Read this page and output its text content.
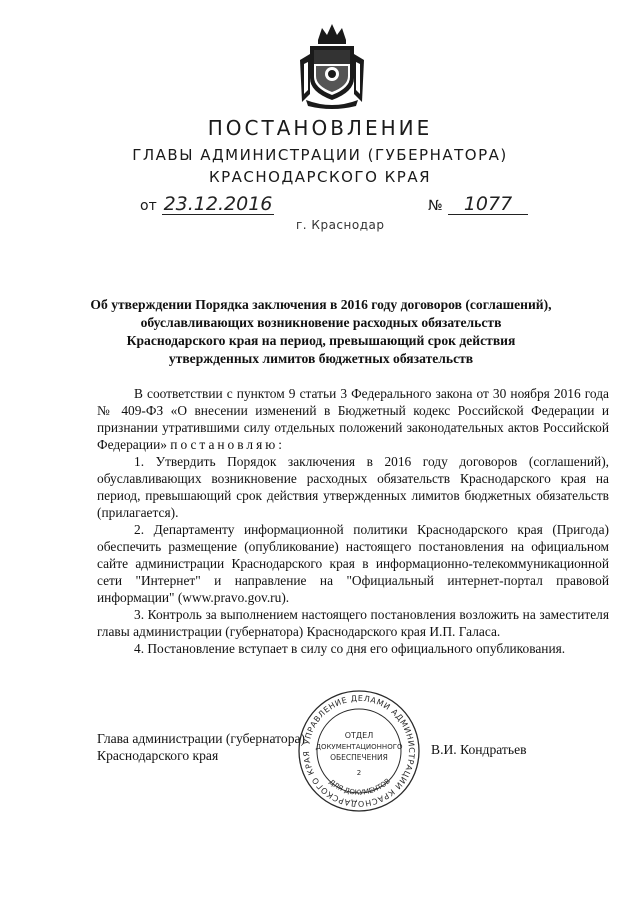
ПОСТАНОВЛЕНИЕ
ГЛАВЫ АДМИНИСТРАЦИИ (ГУБЕРНАТОРА)
КРАСНОДАРСКОГО КРАЯ
от 23.12.2016	№	1077
г. Краснодар
Об утверждении Порядка заключения в 2016 году договоров (соглашений),
обуславливающих возникновение расходных обязательств
Краснодарского края на период, превышающий срок действия
утвержденных лимитов бюджетных обязательств

В соответствии с пунктом 9 статьи 3 Федерального закона от 30 ноября 2016 года № 409-ФЗ «О внесении изменений в Бюджетный кодекс Российской Федерации и признании утратившими силу отдельных положений законодательных актов Российской Федерации» постановляю:

1. Утвердить Порядок заключения в 2016 году договоров (соглашений), обуславливающих возникновение расходных обязательств Краснодарского края на период, превышающий срок действия утвержденных лимитов бюджетных обязательств (прилагается).

2. Департаменту информационной политики Краснодарского края (Пригода) обеспечить размещение (опубликование) настоящего постановления на официальном сайте администрации Краснодарского края в информационно-телекоммуникационной сети "Интернет" и направление на "Официальный интернет-портал правовой информации" (www.pravo.gov.ru).

3. Контроль за выполнением настоящего постановления возложить на заместителя главы администрации (губернатора) Краснодарского края И.П. Галаса.

4. Постановление вступает в силу со дня его официального опубликования.

Глава администрации (губернатора)
Краснодарского края	В.И. Кондратьев
УПРАВЛЕНИЕ ДЕЛАМИ АДМИНИСТРАЦИИ КРАСНОДАРСКОГО КРАЯ
ДЛЯ ДОКУМЕНТОВ
ОТДЕЛ
ДОКУМЕНТАЦИОННОГО
ОБЕСПЕЧЕНИЯ
2
